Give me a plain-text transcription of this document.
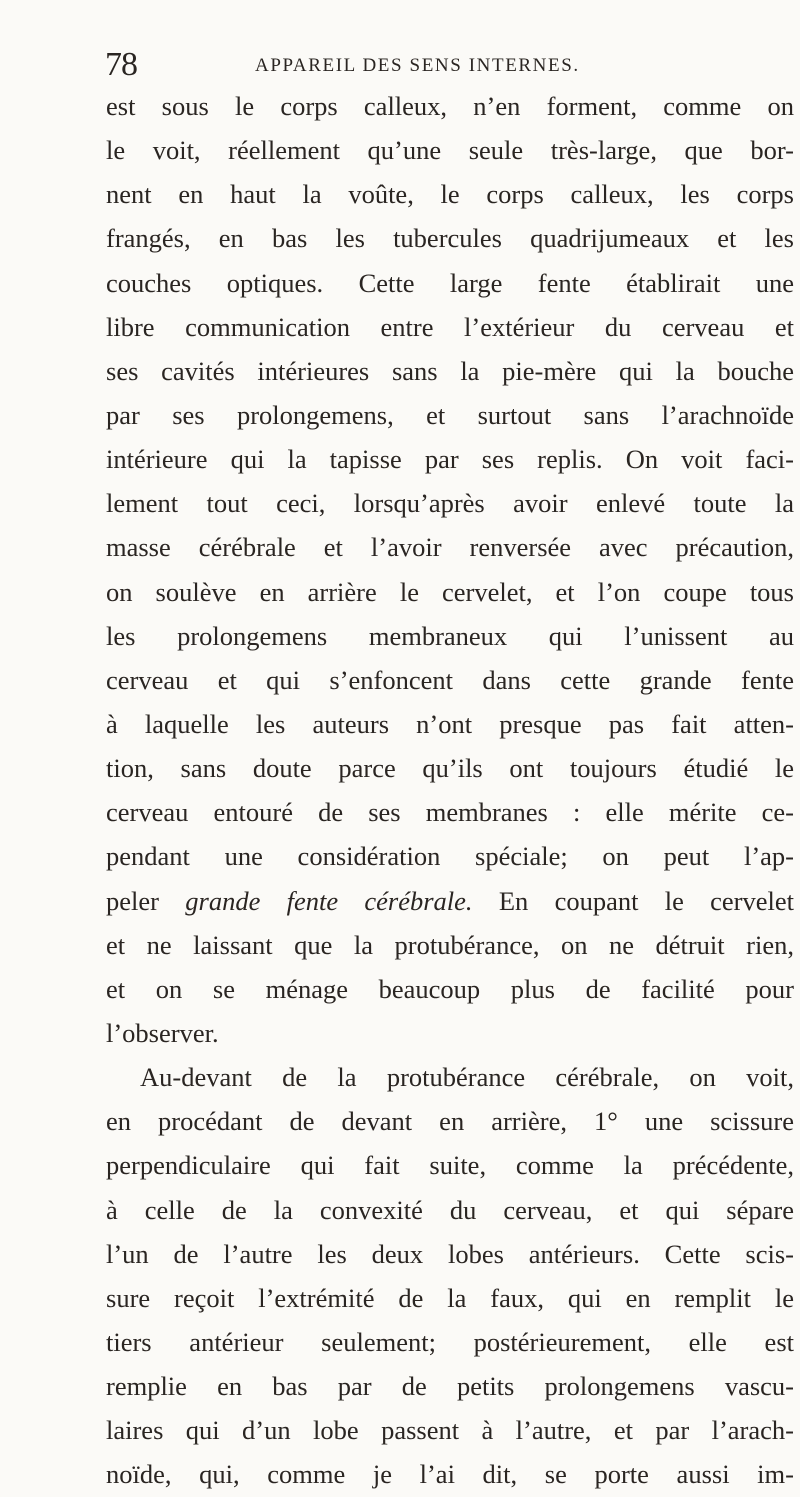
78	APPAREIL DES SENS INTERNES.
est sous le corps calleux, n’en forment, comme on
le voit, réellement qu’une seule très-large, que bor-
nent en haut la voûte, le corps calleux, les corps
frangés, en bas les tubercules quadrijumeaux et les
couches optiques. Cette large fente établirait une
libre communication entre l’extérieur du cerveau et
ses cavités intérieures sans la pie-mère qui la bouche
par ses prolongemens, et surtout sans l’arachnoïde
intérieure qui la tapisse par ses replis. On voit faci-
lement tout ceci, lorsqu’après avoir enlevé toute la
masse cérébrale et l’avoir renversée avec précaution,
on soulève en arrière le cervelet, et l’on coupe tous
les prolongemens membraneux qui l’unissent au
cerveau et qui s’enfoncent dans cette grande fente
à laquelle les auteurs n’ont presque pas fait atten-
tion, sans doute parce qu’ils ont toujours étudié le
cerveau entouré de ses membranes : elle mérite ce-
pendant une considération spéciale; on peut l’ap-
peler grande fente cérébrale. En coupant le cervelet
et ne laissant que la protubérance, on ne détruit rien,
et on se ménage beaucoup plus de facilité pour
l’observer.
Au-devant de la protubérance cérébrale, on voit,
en procédant de devant en arrière, 1° une scissure
perpendiculaire qui fait suite, comme la précédente,
à celle de la convexité du cerveau, et qui sépare
l’un de l’autre les deux lobes antérieurs. Cette scis-
sure reçoit l’extrémité de la faux, qui en remplit le
tiers antérieur seulement; postérieurement, elle est
remplie en bas par de petits prolongemens vascu-
laires qui d’un lobe passent à l’autre, et par l’arach-
noïde, qui, comme je l’ai dit, se porte aussi im-
